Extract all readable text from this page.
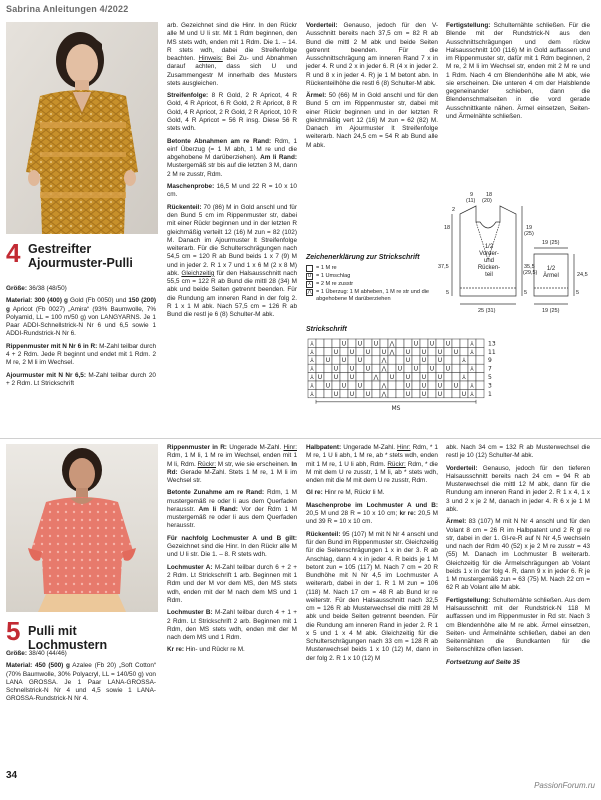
Sabrina Anleitungen 4/2022
4 Gestreifter
Ajourmuster-Pulli

Größe: 36/38 (48/50)

Material: 300 (400) g Gold (Fb 0050) und 150 (200) g Apricot (Fb 0027) „Amira“ (93% Baumwolle, 7% Polyamid, LL = 100 m/50 g) von LANGYARNS. Je 1 Paar ADDI-Schnellstrick-N Nr 6 und 6,5 sowie 1 ADDI-Rundstrick-N Nr 6.

Rippenmuster mit N Nr 6 in R: M-Zahl teilbar durch 4 + 2 Rdm. Jede R beginnt und endet mit 1 Rdm. 2 M re, 2 M li im Wechsel.

Ajourmuster mit N Nr 6,5: M-Zahl teilbar durch 20 + 2 Rdm. Lt Strickschrift

arb. Gezeichnet sind die Hinr. In den Rückr alle M und U li str. Mit 1 Rdm beginnen, den MS stets wdh, enden mit 1 Rdm. Die 1. – 14. R stets wdh, dabei die Streifenfolge beachten. Hinweis: Bei Zu- und Abnahmen darauf achten, dass sich U und Zusammengestr M innerhalb des Musters stets ausgleichen.

Streifenfolge: 8 R Gold, 2 R Apricot, 4 R Gold, 4 R Apricot, 6 R Gold, 2 R Apricot, 8 R Gold, 4 R Apricot, 2 R Gold, 2 R Apricot, 10 R Gold, 4 R Apricot = 56 R insg. Diese 56 R stets wdh.

Betonte Abnahmen am re Rand: Rdm, 1 einf Überzug (= 1 M abh, 1 M re und die abgehobene M darüberziehen). Am li Rand: Mustergemäß str bis auf die letzten 3 M, dann 2 M re zusstr, Rdm.

Maschenprobe: 16,5 M und 22 R = 10 x 10 cm.

Rückenteil: 70 (86) M in Gold anschl und für den Bund 5 cm im Rippenmuster str, dabei mit einer Rückr beginnen und in der letzten R gleichmäßig verteilt 12 (16) M zun = 82 (102) M. Danach im Ajourmuster lt Streifenfolge weiterarb. Für die Schulterschrägungen nach 54,5 cm = 120 R ab Bund beids 1 x 7 (9) M und in jeder 2. R 1 x 7 und 1 x 6 M (2 x 8 M) abk. Gleichzeitig für den Halsausschnitt nach 55,5 cm = 122 R ab Bund die mittl 28 (34) M abk und beide Seiten getrennt beenden. Für die Rundung am inneren Rand in der folg 2. R 1 x 1 M abk. Nach 57,5 cm = 126 R ab Bund die restl je 6 (8) Schulter-M abk.

Vorderteil: Genauso, jedoch für den V-Ausschnitt bereits nach 37,5 cm = 82 R ab Bund die mittl 2 M abk und beide Seiten getrennt beenden. Für die Ausschnittschrägung am inneren Rand 7 x in jeder 4. R und 2 x in jeder 6. R (4 x in jeder 2. R und 8 x in jeder 4. R) je 1 M betont abn. In Rückenteilhöhe die restl 6 (8) Schulter-M abk.

Ärmel: 50 (66) M in Gold anschl und für den Bund 5 cm im Rippenmuster str, dabei mit einer Rückr beginnen und in der letzten R gleichmäßig vert 12 (16) M zun = 62 (82) M. Danach im Ajourmuster lt Streifenfolge weiterarb. Nach 24,5 cm = 54 R ab Bund alle M abk.

Fertigstellung: Schulternähte schließen. Für die Blende mit der Rundstrick-N aus den Ausschnittschrägungen und dem rückw Halsausschnitt 100 (116) M in Gold auffassen und im Rippenmuster str, dafür mit 1 Rdm beginnen, 2 M re, 2 M li im Wechsel str, enden mit 2 M re und 1 Rdm. Nach 4 cm Blendenhöhe alle M abk, wie sie erscheinen. Die unteren 4 cm der Halsblende gegeneinander schieben, dann die Blendenschmalseiten in die vord gerade Ausschnittkante nähen. Ärmel einsetzen, Seiten- und Ärmelnähte schließen.

9
(11)
18
(20)
2
18	19
(25)
37,5	35,5
(29,5)
5	5
25 (31)
19 (25)
24,5
5
19 (25)
1/2
Vorder-
und
Rücken-
teil
1/2
Ärmel
Zeichenerklärung zur Strickschrift
= 1 M re
U = 1 Umschlag
⅄ = 2 M re zusstr
⋀ = 1 Überzug: 1 M abheben, 1 M re str und die abgehobene M darüberziehen
Strickschrift
⅄	U U U ⋀	U U U	⅄
⅄	U U U U ⋀ U U U U ⅄
⅄ U U U	⋀	U U U	⅄
⅄	U U U ⋀ U U U U	⅄
⅄ U U U	⋀ U U U U	⅄
⅄ U U U	⋀	U U U U ⅄
⅄	U U U ⋀	U U U	U ⅄
13
11
9
7
5
3
1
MS
5 Pulli mit Lochmustern

Größe: 38/40 (44/46)

Material: 450 (500) g Azalee (Fb 20) „Soft Cotton“ (70% Baumwolle, 30% Polyacryl, LL = 140/50 g) von LANA GROSSA. Je 1 Paar LANA-GROSSA-Schnellstrick-N Nr 4 und 4,5 sowie 1 LANA-GROSSA-Rundstrick-N Nr 4.

Rippenmuster in R: Ungerade M-Zahl. Hinr: Rdm, 1 M li, 1 M re im Wechsel, enden mit 1 M li, Rdm. Rückr: M str, wie sie erscheinen. In Rd: Gerade M-Zahl. Stets 1 M re, 1 M li im Wechsel str.

Betonte Zunahme am re Rand: Rdm, 1 M mustergemäß re oder li aus dem Querfaden herausstr. Am li Rand: Vor der Rdm 1 M mustergemäß re oder li aus dem Querfaden herausstr.

Für nachfolg Lochmuster A und B gilt: Gezeichnet sind die Hinr. In den Rückr alle M und U li str. Die 1. – 8. R stets wdh.

Lochmuster A: M-Zahl teilbar durch 6 + 2 + 2 Rdm. Lt Strickschrift 1 arb. Beginnen mit 1 Rdm und der M vor dem MS, den MS stets wdh, enden mit der M nach dem MS und 1 Rdm.

Lochmuster B: M-Zahl teilbar durch 4 + 1 + 2 Rdm. Lt Strickschrift 2 arb. Beginnen mit 1 Rdm, den MS stets wdh, enden mit der M nach dem MS und 1 Rdm.

Kr re: Hin- und Rückr re M.

Halbpatent: Ungerade M-Zahl. Hinr: Rdm, * 1 M re, 1 U li abh, 1 M re, ab * stets wdh, enden mit 1 M re, 1 U li abh, Rdm. Rückr: Rdm, * die M mit dem U re zusstr, 1 M li, ab * stets wdh, enden mit die M mit dem U re zusstr, Rdm.

Gl re: Hinr re M, Rückr li M.

Maschenprobe im Lochmuster A und B: 20,5 M und 28 R = 10 x 10 cm; kr re: 20,5 M und 39 R = 10 x 10 cm.

Rückenteil: 95 (107) M mit N Nr 4 anschl und für den Bund im Rippenmuster str. Gleichzeitig für die Seitenschrägungen 1 x in der 3. R ab Anschlag, dann 4 x in jeder 4. R beids je 1 M betont zun = 105 (117) M. Nach 7 cm = 20 R Bundhöhe mit N Nr 4,5 im Lochmuster A weiterarb, dabei in der 1. R 1 M zun = 106 (118) M. Nach 17 cm = 48 R ab Bund kr re weiterstr. Für den Halsausschnitt nach 32,5 cm = 126 R ab Musterwechsel die mittl 28 M abk und beide Seiten getrennt beenden. Für die Rundung am inneren Rand in jeder 2. R 1 x 5 und 1 x 4 M abk. Gleichzeitig für die Schulterschrägungen nach 33 cm = 128 R ab Musterwechsel beids 1 x 10 (12) M, dann in der folg 2. R 1 x 10 (12) M

abk. Nach 34 cm = 132 R ab Musterwechsel die restl je 10 (12) Schulter-M abk.

Vorderteil: Genauso, jedoch für den tieferen Halsausschnitt bereits nach 24 cm = 94 R ab Musterwechsel die mittl 12 M abk, dann für die Rundung am inneren Rand in jeder 2. R 1 x 4, 1 x 3 und 2 x je 2 M, danach in jeder 4. R 6 x je 1 M abk.

Ärmel: 83 (107) M mit N Nr 4 anschl und für den Volant 8 cm = 26 R im Halbpatent und 2 R gl re str, dabei in der 1. Gl-re-R auf N Nr 4,5 wechseln und nach der Rdm 40 (52) x je 2 M re zusstr = 43 (55) M. Danach im Lochmuster B weiterarb. Gleichzeitig für die Ärmelschrägungen ab Volant beids 1 x in der folg 4. R, dann 9 x in jeder 6. R je 1 M mustergemäß zun = 63 (75) M. Nach 22 cm = 62 R ab Volant alle M abk.

Fertigstellung: Schulternähte schließen. Aus dem Halsausschnitt mit der Rundstrick-N 118 M auffassen und im Rippenmuster in Rd str. Nach 3 cm Blendenhöhe alle M re abk. Ärmel einsetzen, Seiten- und Ärmelnähte schließen, dabei an den Seitennähten die Bundkanten für die Seitenschlitze offen lassen.

Fortsetzung auf Seite 35

34
PassionForum.ru
